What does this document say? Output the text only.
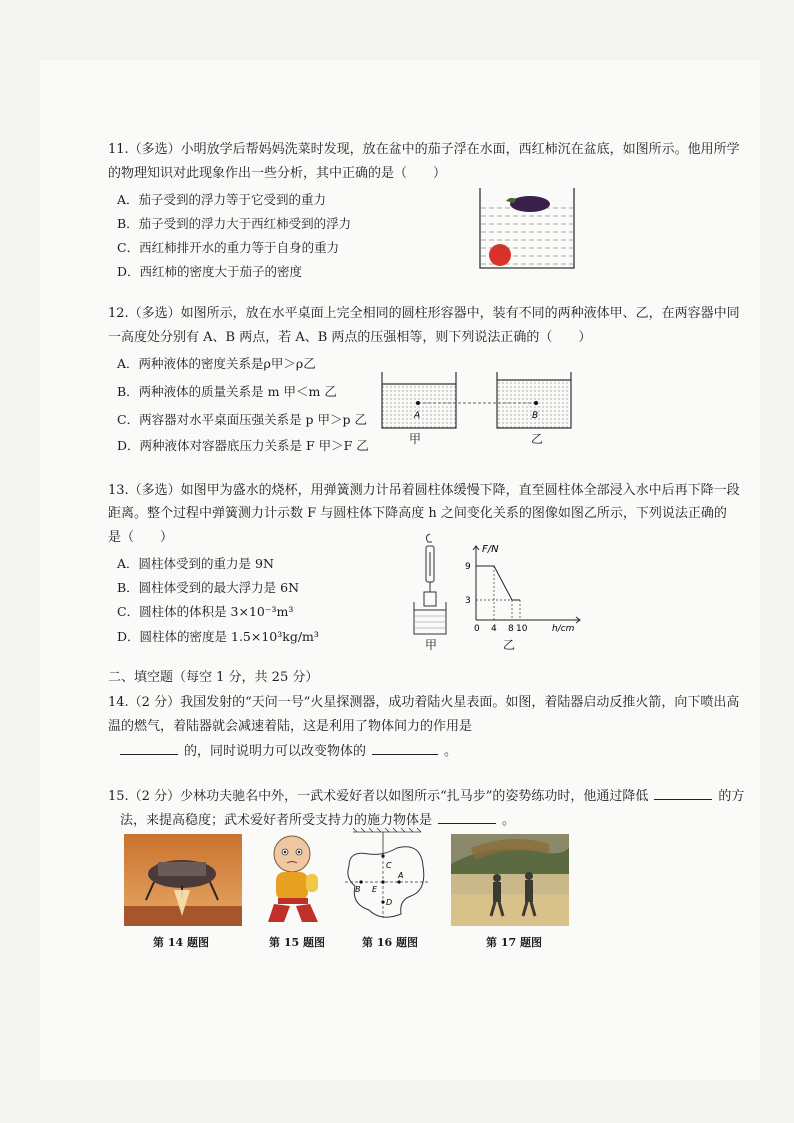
11.（多选）小明放学后帮妈妈洗菜时发现，放在盆中的茄子浮在水面，西红柿沉在盆底，如图所示。他用所学
的物理知识对此现象作出一些分析，其中正确的是（　　）
A．茄子受到的浮力等于它受到的重力
B．茄子受到的浮力大于西红柿受到的浮力
C．西红柿排开水的重力等于自身的重力
D．西红柿的密度大于茄子的密度
12.（多选）如图所示，放在水平桌面上完全相同的圆柱形容器中，装有不同的两种液体甲、乙，在两容器中同
一高度处分别有 A、B 两点，若 A、B 两点的压强相等，则下列说法正确的（　　）
A．两种液体的密度关系是ρ甲＞ρ乙
B．两种液体的质量关系是 m 甲＜m 乙
C．两容器对水平桌面压强关系是 p 甲＞p 乙
D．两种液体对容器底压力关系是 F 甲＞F 乙
A	B
甲	乙
13.（多选）如图甲为盛水的烧杯，用弹簧测力计吊着圆柱体缓慢下降，直至圆柱体全部浸入水中后再下降一段
距离。整个过程中弹簧测力计示数 F 与圆柱体下降高度 h 之间变化关系的图像如图乙所示，下列说法正确的
是（　　）
A．圆柱体受到的重力是 9N
B．圆柱体受到的最大浮力是 6N
C．圆柱体的体积是 3×10⁻³m³
D．圆柱体的密度是 1.5×10³kg/m³
甲
F/N
9
3
0 4 8 10	h/cm
乙
二、填空题（每空 1 分，共 25 分）
14.（2 分）我国发射的“天问一号”火星探测器，成功着陆火星表面。如图，着陆器启动反推火箭，向下喷出高
温的燃气，着陆器就会减速着陆，这是利用了物体间力的作用是
的，同时说明力可以改变物体的	。
15.（2 分）少林功夫驰名中外，一武术爱好者以如图所示“扎马步”的姿势练功时，他通过降低	的方
法，来提高稳度；武术爱好者所受支持力的施力物体是	。
C
A
B E
D
第 14 题图	第 15 题图	第 16 题图	第 17 题图
